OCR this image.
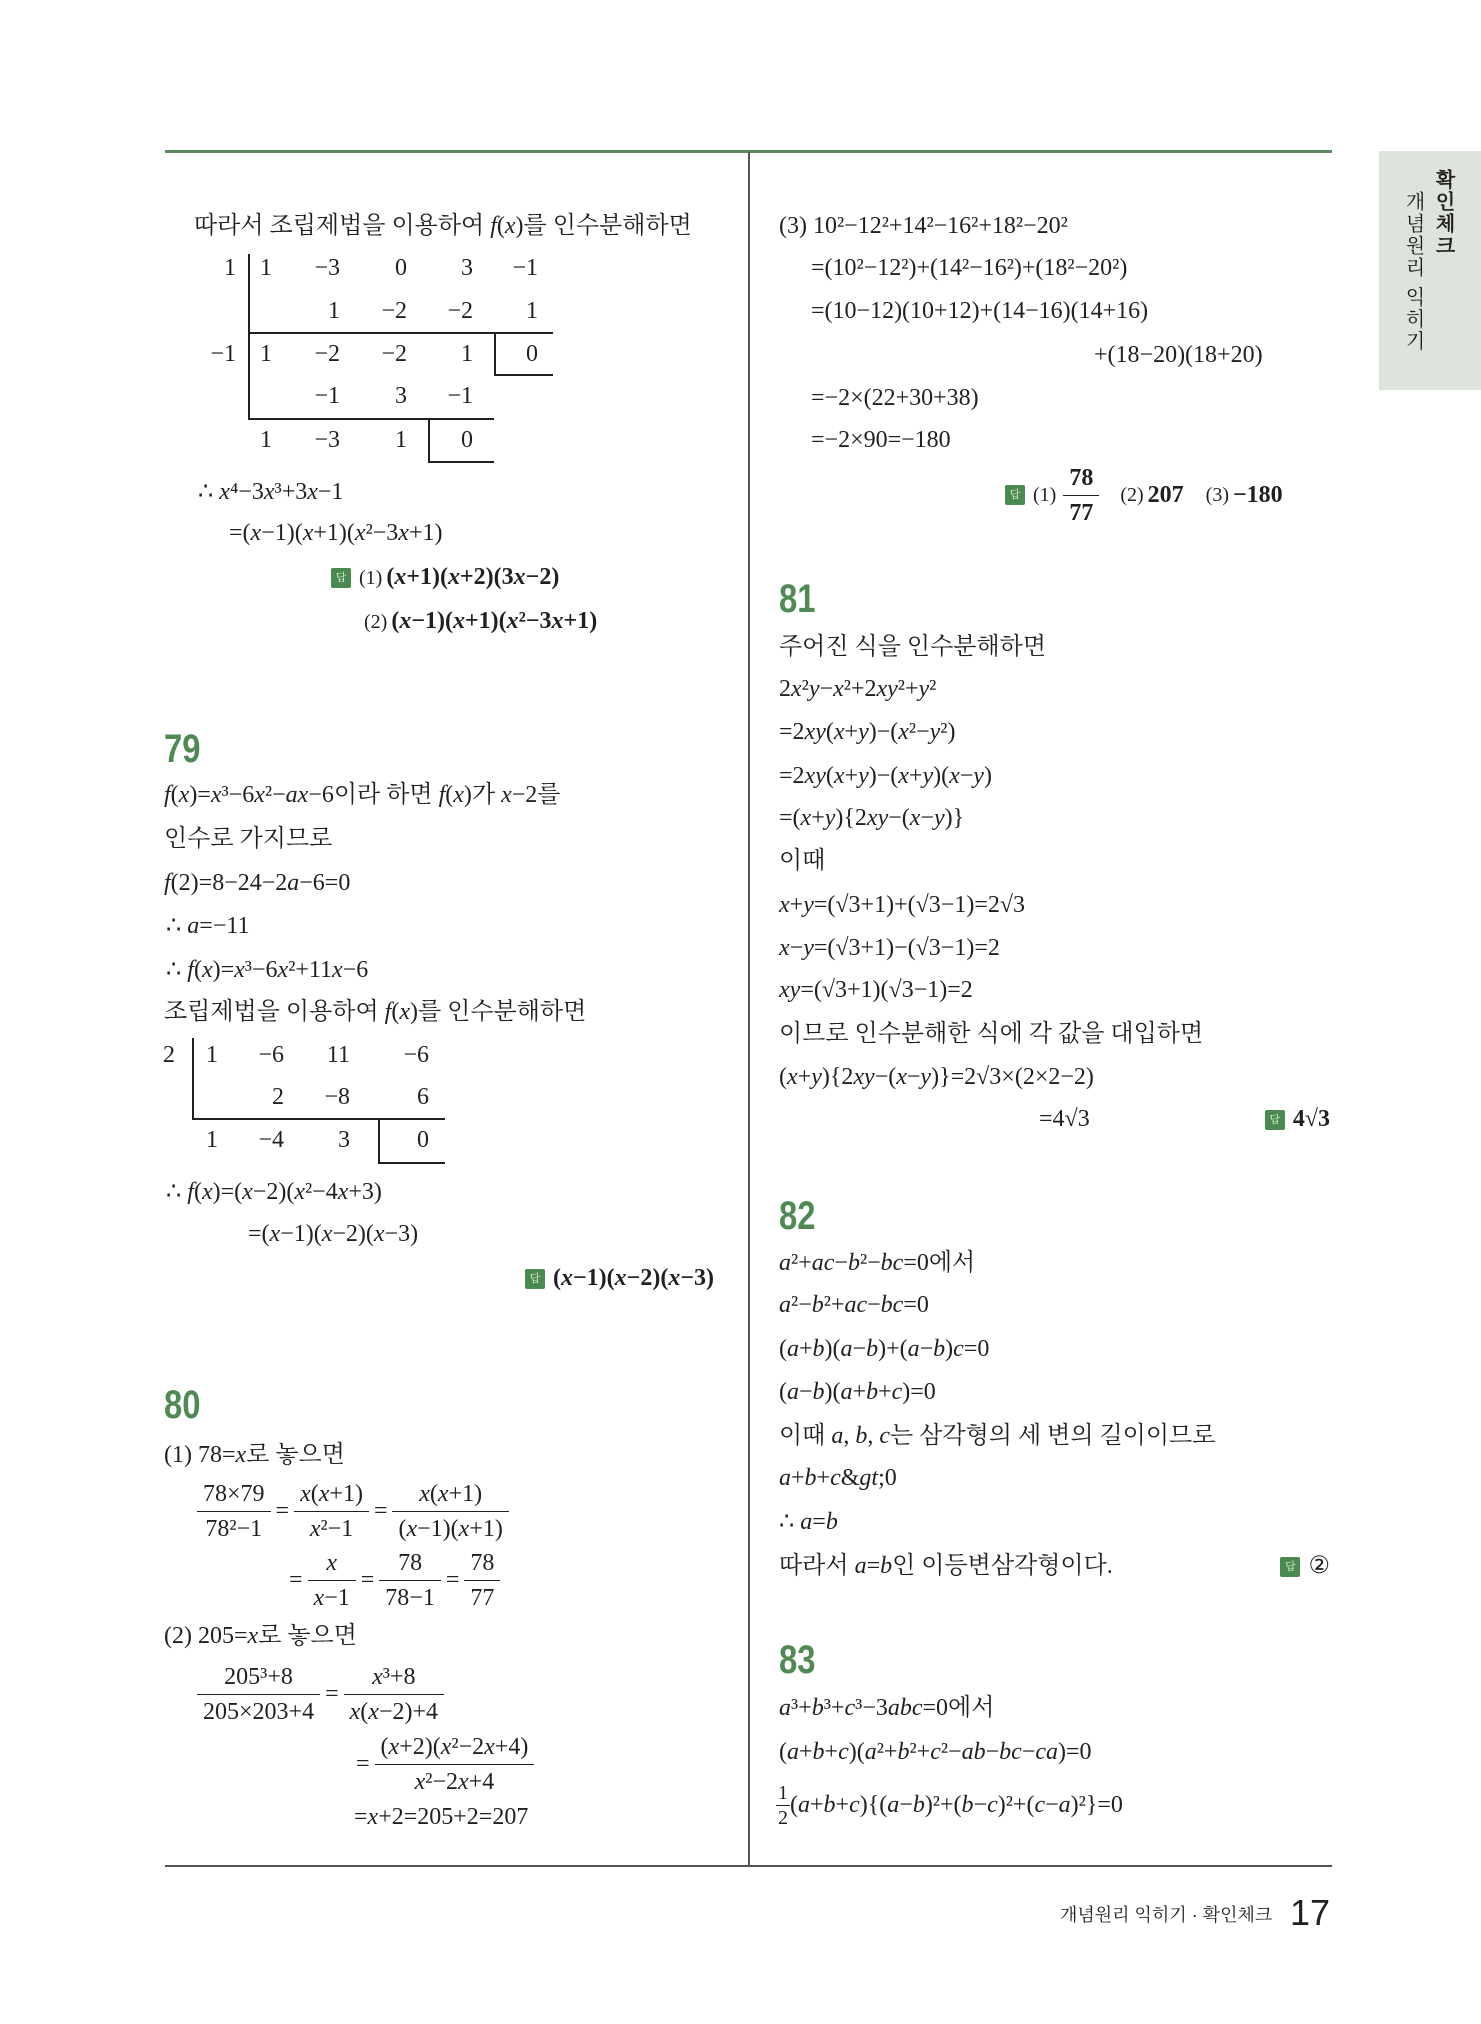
확인체크
개념원리 익히기
따라서 조립제법을 이용하여 f(x)를 인수분해하면
1 1 −3 0 3 −1
1 −2 −2 1
−1 1 −2 −2 1 0
−1 3 −1
1 −3 1 0
∴ x⁴−3x³+3x−1
=(x−1)(x+1)(x²−3x+1)
답 (1) (x+1)(x+2)(3x−2)
(2) (x−1)(x+1)(x²−3x+1)
79
f(x)=x³−6x²−ax−6이라 하면 f(x)가 x−2를
인수로 가지므로
f(2)=8−24−2a−6=0
∴ a=−11
∴ f(x)=x³−6x²+11x−6
조립제법을 이용하여 f(x)를 인수분해하면
2 1 −6 11 −6
2 −8	6
1 −4 3	0
∴ f(x)=(x−2)(x²−4x+3)
=(x−1)(x−2)(x−3)
답 (x−1)(x−2)(x−3)
80
(1) 78=x로 놓으면
$\frac{78\times 79}{\text{78²−1}} = \frac{x(x+1)}{\text{x²−1}} = \frac{x(x+1)}{(x-1)(x+1)}$
= $\frac{x}{x-1} = \frac{78}{78-1} = \frac{78}{77}$
(2) 205=x로 놓으면
$\frac{\text{205³+8}}{205\times 203+4} = \frac{\text{x³+8}}{x(x-2)+4}$
= $\frac{\text{(x+2)(x²−2x+4)}}{\text{x²−2x+4}}$
=x+2=205+2=207
(3) 10²−12²+14²−16²+18²−20²
=(10²−12²)+(14²−16²)+(18²−20²)
=(10−12)(10+12)+(14−16)(14+16)
+(18−20)(18+20)
=−2×(22+30+38)
=−2×90=−180
답 $(1) \frac{78}{77} (2)$ 207 (3) −180
81
주어진 식을 인수분해하면
2x²y−x²+2xy²+y²
=2xy(x+y)−(x²−y²)
=2xy(x+y)−(x+y)(x−y)
=(x+y){2xy−(x−y)}
이때
x+y=(√3+1)+(√3−1)=2√3
x−y=(√3+1)−(√3−1)=2
xy=(√3+1)(√3−1)=2
이므로 인수분해한 식에 각 값을 대입하면
(x+y){2xy−(x−y)}=2√3×(2×2−2)
=4√3	답 4√3
82
a²+ac−b²−bc=0에서
a²−b²+ac−bc=0
(a+b)(a−b)+(a−b)c=0
(a−b)(a+b+c)=0
이때 a, b, c는 삼각형의 세 변의 길이이므로
a+b+c&gt;0
∴ a=b
따라서 a=b인 이등변삼각형이다.	답 ②
83
a³+b³+c³−3abc=0에서
(a+b+c)(a²+b²+c²−ab−bc−ca)=0
$\frac{1}{2} (a+b+c)\{(a-b)^2+(b-c)^2+(c-a)^2\}=0$
개념원리 익히기 · 확인체크 17
